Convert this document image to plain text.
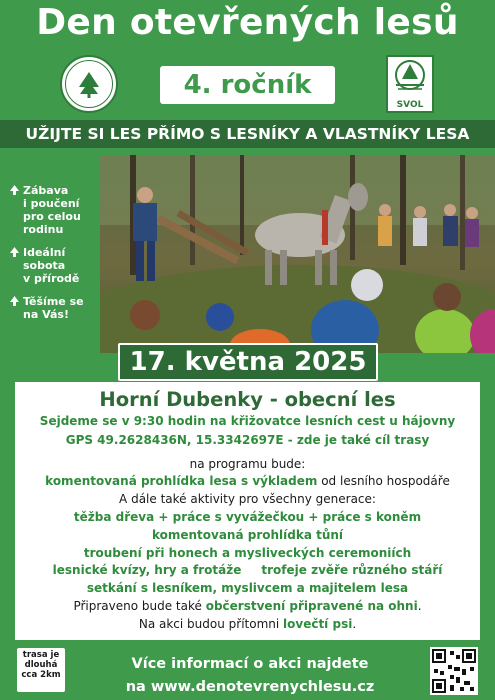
Den otevřených lesů
4. ročník
SVOL
UŽIJTE SI LES PŘÍMO S LESNÍKY A VLASTNÍKY LESA
Zábava
i poučení
pro celou
rodinu
Ideální
sobota
v přírodě
Těšíme se
na Vás!
17. května 2025
Horní Dubenky - obecní les
Sejdeme se v 9:30 hodin na křižovatce lesních cest u hájovny
GPS 49.2628436N, 15.3342697E - zde je také cíl trasy
na programu bude:
komentovaná prohlídka lesa s výkladem od lesního hospodáře
A dále také aktivity pro všechny generace:
těžba dřeva + práce s vyvážečkou + práce s koněm
komentovaná prohlídka tůní
troubení při honech a mysliveckých ceremoniích
lesnické kvízy, hry a frotáže trofeje zvěře různého stáří
setkání s lesníkem, myslivcem a majitelem lesa
Připraveno bude také občerstvení připravené na ohni.
Na akci budou přítomni lovečtí psi.
trasa je
dlouhá
cca 2km
Více informací o akci najdete
na www.denotevrenychlesu.cz
